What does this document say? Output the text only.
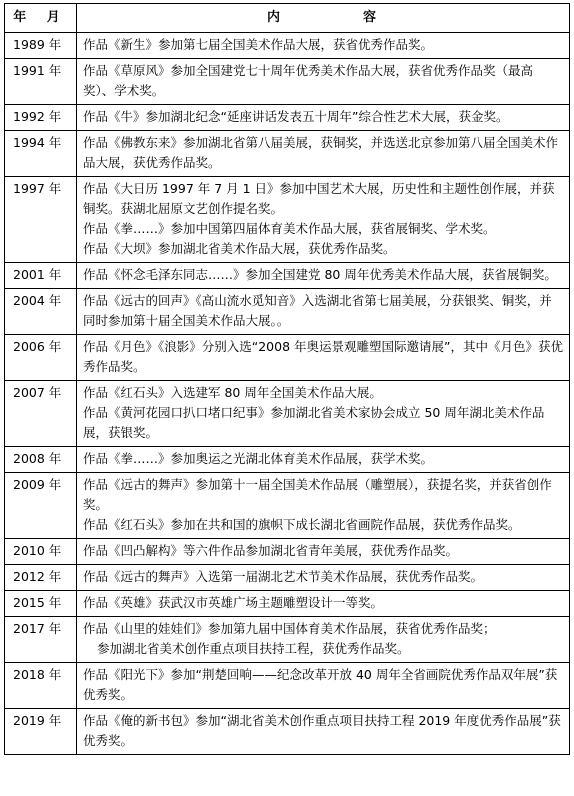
年 月	内　　　　　容
1989 年	作品《新生》参加第七届全国美术作品大展，获省优秀作品奖。

1991 年	作品《草原风》参加全国建党七十周年优秀美术作品大展，获省优秀作品奖（最高奖）、学术奖。

1992 年	作品《牛》参加湖北纪念“延座讲话发表五十周年”综合性艺术大展，获金奖。

1994 年	作品《佛教东来》参加湖北省第八届美展，获铜奖，并选送北京参加第八届全国美术作品大展，获优秀作品奖。

1997 年	作品《大日历 1997 年 7 月 1 日》参加中国艺术大展，历史性和主题性创作展，并获铜奖。获湖北屈原文艺创作提名奖。
作品《拳……》参加中国第四届体育美术作品大展，获省展铜奖、学术奖。
作品《大坝》参加湖北省美术作品大展，获优秀作品奖。

2001 年	作品《怀念毛泽东同志……》参加全国建党 80 周年优秀美术作品大展，获省展铜奖。

2004 年	作品《远古的回声》《高山流水觅知音》入选湖北省第七届美展，分获银奖、铜奖，并同时参加第十届全国美术作品大展。。

2006 年	作品《月色》《浪影》分别入选“2008 年奥运景观雕塑国际邀请展”，其中《月色》获优秀作品奖。

2007 年	作品《红石头》入选建军 80 周年全国美术作品大展。
作品《黄河花园口扒口堵口纪事》参加湖北省美术家协会成立 50 周年湖北美术作品展，获银奖。

2008 年	作品《拳……》参加奥运之光湖北体育美术作品展，获学术奖。

2009 年	作品《远古的舞声》参加第十一届全国美术作品展（雕塑展），获提名奖，并获省创作奖。
作品《红石头》参加在共和国的旗帜下成长湖北省画院作品展，获优秀作品奖。

2010 年	作品《凹凸解构》等六件作品参加湖北省青年美展，获优秀作品奖。

2012 年	作品《远古的舞声》入选第一届湖北艺术节美术作品展，获优秀作品奖。

2015 年	作品《英雄》获武汉市英雄广场主题雕塑设计一等奖。

2017 年	作品《山里的娃娃们》参加第九届中国体育美术作品展，获省优秀作品奖；
参加湖北省美术创作重点项目扶持工程，获优秀作品奖。

2018 年	作品《阳光下》参加“荆楚回响——纪念改革开放 40 周年全省画院优秀作品双年展”获优秀奖。

2019 年	作品《俺的新书包》参加“湖北省美术创作重点项目扶持工程 2019 年度优秀作品展”获优秀奖。
